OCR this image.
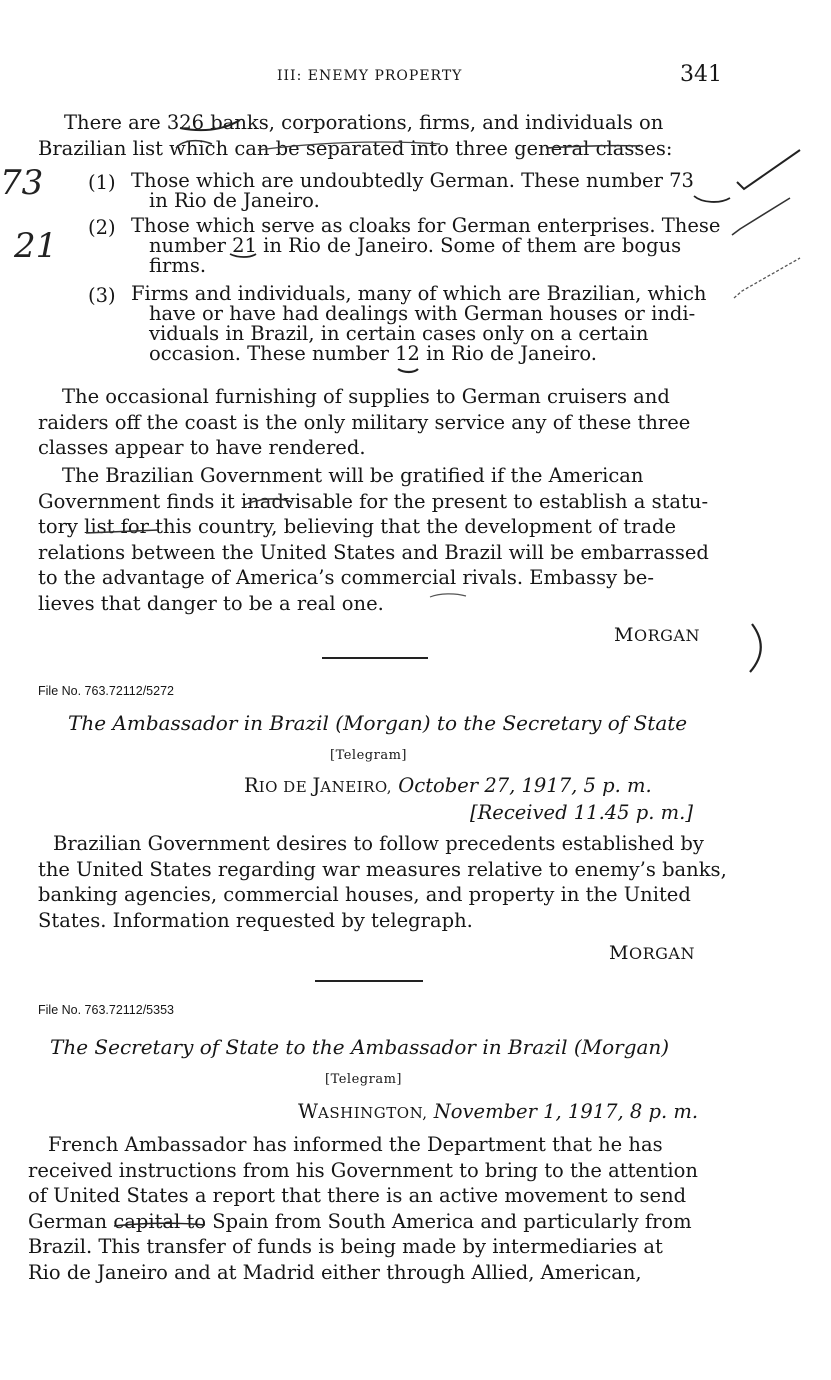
III: ENEMY PROPERTY	341
There are 326 banks, corporations, firms, and individuals on
Brazilian list which can be separated into three general classes:
(1) Those which are undoubtedly German. These number 73
in Rio de Janeiro.
(2) Those which serve as cloaks for German enterprises. These
number 21 in Rio de Janeiro. Some of them are bogus
firms.
(3) Firms and individuals, many of which are Brazilian, which
have or have had dealings with German houses or indi-
viduals in Brazil, in certain cases only on a certain
occasion. These number 12 in Rio de Janeiro.
The occasional furnishing of supplies to German cruisers and
raiders off the coast is the only military service any of these three
classes appear to have rendered.
The Brazilian Government will be gratified if the American
Government finds it inadvisable for the present to establish a statu-
tory list for this country, believing that the development of trade
relations between the United States and Brazil will be embarrassed
to the advantage of America’s commercial rivals. Embassy be-
lieves that danger to be a real one.
MORGAN
File No. 763.72112/5272
The Ambassador in Brazil (Morgan) to the Secretary of State
[Telegram]
RIO DE JANEIRO, October 27, 1917, 5 p. m.
[Received 11.45 p. m.]
Brazilian Government desires to follow precedents established by
the United States regarding war measures relative to enemy’s banks,
banking agencies, commercial houses, and property in the United
States. Information requested by telegraph.
MORGAN
File No. 763.72112/5353
The Secretary of State to the Ambassador in Brazil (Morgan)
[Telegram]
WASHINGTON, November 1, 1917, 8 p. m.
French Ambassador has informed the Department that he has
received instructions from his Government to bring to the attention
of United States a report that there is an active movement to send
German capital to Spain from South America and particularly from
Brazil. This transfer of funds is being made by intermediaries at
Rio de Janeiro and at Madrid either through Allied, American,
73
21
